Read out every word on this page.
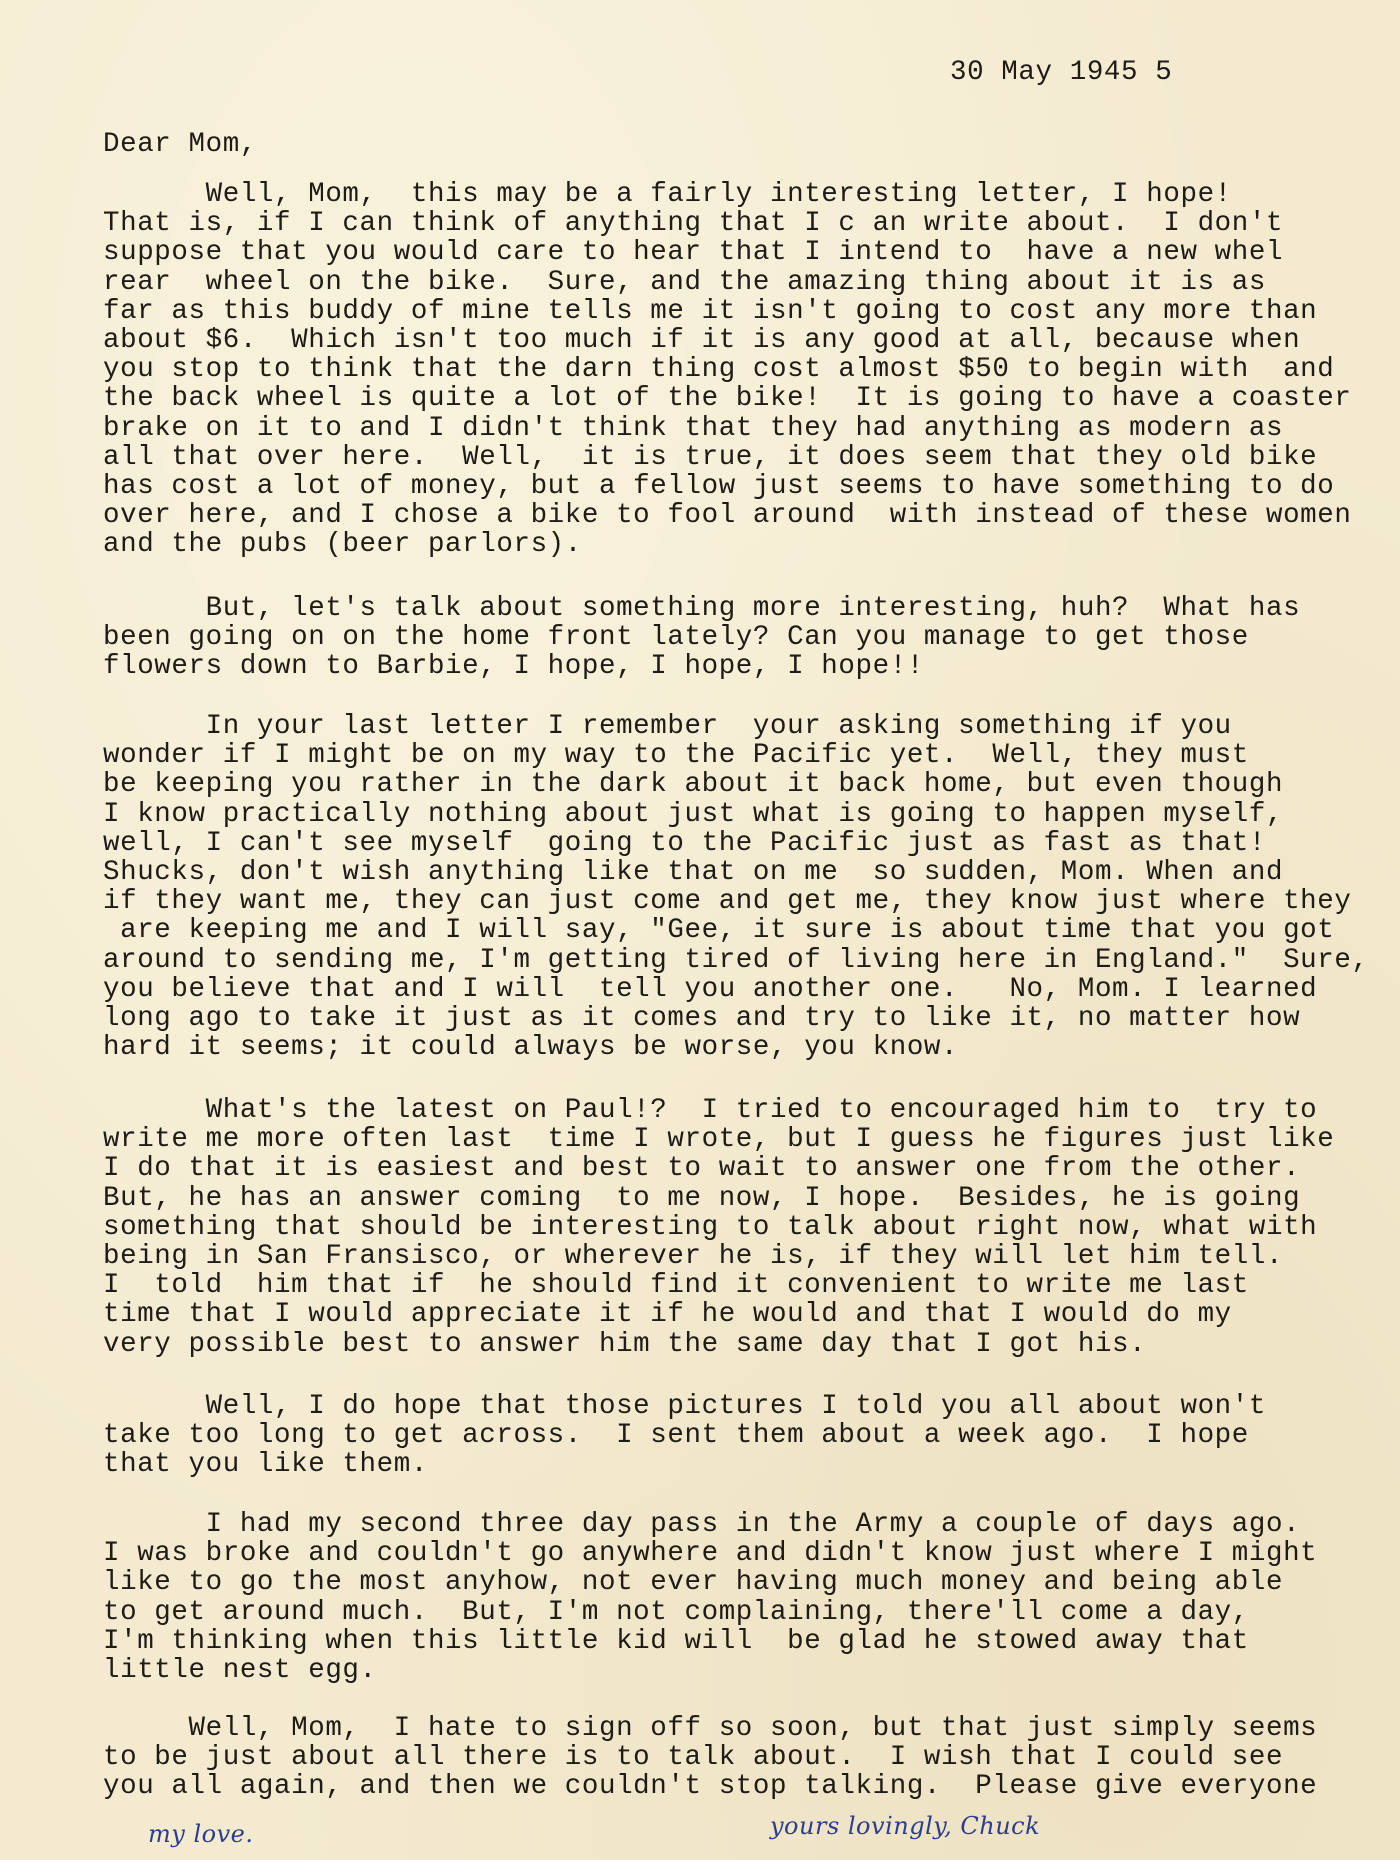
30 May 1945 5
Dear Mom,
Well, Mom,  this may be a fairly interesting letter, I hope!
That is, if I can think of anything that I c an write about.  I don't
suppose that you would care to hear that I intend to  have a new whel
rear  wheel on the bike.  Sure, and the amazing thing about it is as
far as this buddy of mine tells me it isn't going to cost any more than
about $6.  Which isn't too much if it is any good at all, because when
you stop to think that the darn thing cost almost $50 to begin with  and
the back wheel is quite a lot of the bike!  It is going to have a coaster
brake on it to and I didn't think that they had anything as modern as
all that over here.  Well,  it is true, it does seem that they old bike
has cost a lot of money, but a fellow just seems to have something to do
over here, and I chose a bike to fool around  with instead of these women
and the pubs (beer parlors).
But, let's talk about something more interesting, huh?  What has
been going on on the home front lately? Can you manage to get those
flowers down to Barbie, I hope, I hope, I hope!!
In your last letter I remember  your asking something if you
wonder if I might be on my way to the Pacific yet.  Well, they must
be keeping you rather in the dark about it back home, but even though
I know practically nothing about just what is going to happen myself,
well, I can't see myself  going to the Pacific just as fast as that!
Shucks, don't wish anything like that on me  so sudden, Mom. When and
if they want me, they can just come and get me, they know just where they
are keeping me and I will say, "Gee, it sure is about time that you got
around to sending me, I'm getting tired of living here in England."  Sure,
you believe that and I will  tell you another one.   No, Mom. I learned
long ago to take it just as it comes and try to like it, no matter how
hard it seems; it could always be worse, you know.
What's the latest on Paul!?  I tried to encouraged him to  try to
write me more often last  time I wrote, but I guess he figures just like
I do that it is easiest and best to wait to answer one from the other.
But, he has an answer coming  to me now, I hope.  Besides, he is going
something that should be interesting to talk about right now, what with
being in San Fransisco, or wherever he is, if they will let him tell.
I  told  him that if  he should find it convenient to write me last
time that I would appreciate it if he would and that I would do my
very possible best to answer him the same day that I got his.
Well, I do hope that those pictures I told you all about won't
take too long to get across.  I sent them about a week ago.  I hope
that you like them.
I had my second three day pass in the Army a couple of days ago.
I was broke and couldn't go anywhere and didn't know just where I might
like to go the most anyhow, not ever having much money and being able
to get around much.  But, I'm not complaining, there'll come a day,
I'm thinking when this little kid will  be glad he stowed away that
little nest egg.
Well, Mom,  I hate to sign off so soon, but that just simply seems
to be just about all there is to talk about.  I wish that I could see
you all again, and then we couldn't stop talking.  Please give everyone
my love.	yours lovingly, Chuck
